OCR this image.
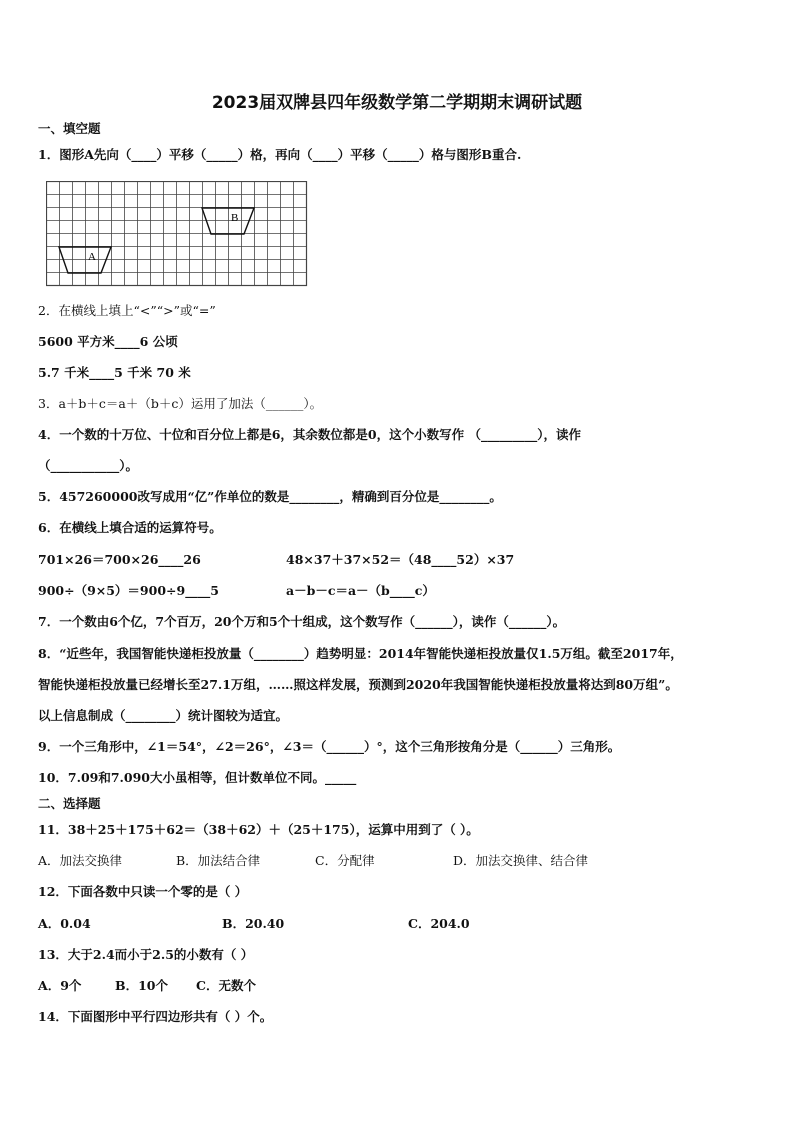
2023届双牌县四年级数学第二学期期末调研试题
一、填空题
1．图形A先向（____）平移（_____）格，再向（____）平移（_____）格与图形B重合.
A
B
2．在横线上填上“<”“>”或“=”
5600 平方米____6 公顷
5.7 千米____5 千米 70 米
3．a＋b＋c＝a＋（b＋c）运用了加法（______）。
4．一个数的十万位、十位和百分位上都是6，其余数位都是0，这个小数写作 （_________），读作
（___________）。
5．457260000改写成用“亿”作单位的数是________，精确到百分位是________。
6．在横线上填合适的运算符号。
701×26＝700×26____26	48×37＋37×52＝（48____52）×37
900÷（9×5）＝900÷9____5	a－b－c＝a－（b____c）
7．一个数由6个亿，7个百万，20个万和5个十组成，这个数写作（______），读作（______）。
8．“近些年，我国智能快递柜投放量（________）趋势明显：2014年智能快递柜投放量仅1.5万组。截至2017年，
智能快递柜投放量已经增长至27.1万组，……照这样发展，预测到2020年我国智能快递柜投放量将达到80万组”。
以上信息制成（________）统计图较为适宜。
9．一个三角形中，∠1＝54°，∠2＝26°，∠3＝（______）°，这个三角形按角分是（______）三角形。
10．7.09和7.090大小虽相等，但计数单位不同。_____
二、选择题
11．38＋25＋175＋62＝（38＋62）＋（25＋175），运算中用到了（ ）。
A．加法交换律	B．加法结合律	C．分配律	D．加法交换律、结合律
12．下面各数中只读一个零的是（ ）
A．0.04	B．20.40	C．204.0
13．大于2.4而小于2.5的小数有（ ）
A．9个	B．10个 C．无数个
14．下面图形中平行四边形共有（ ）个。
